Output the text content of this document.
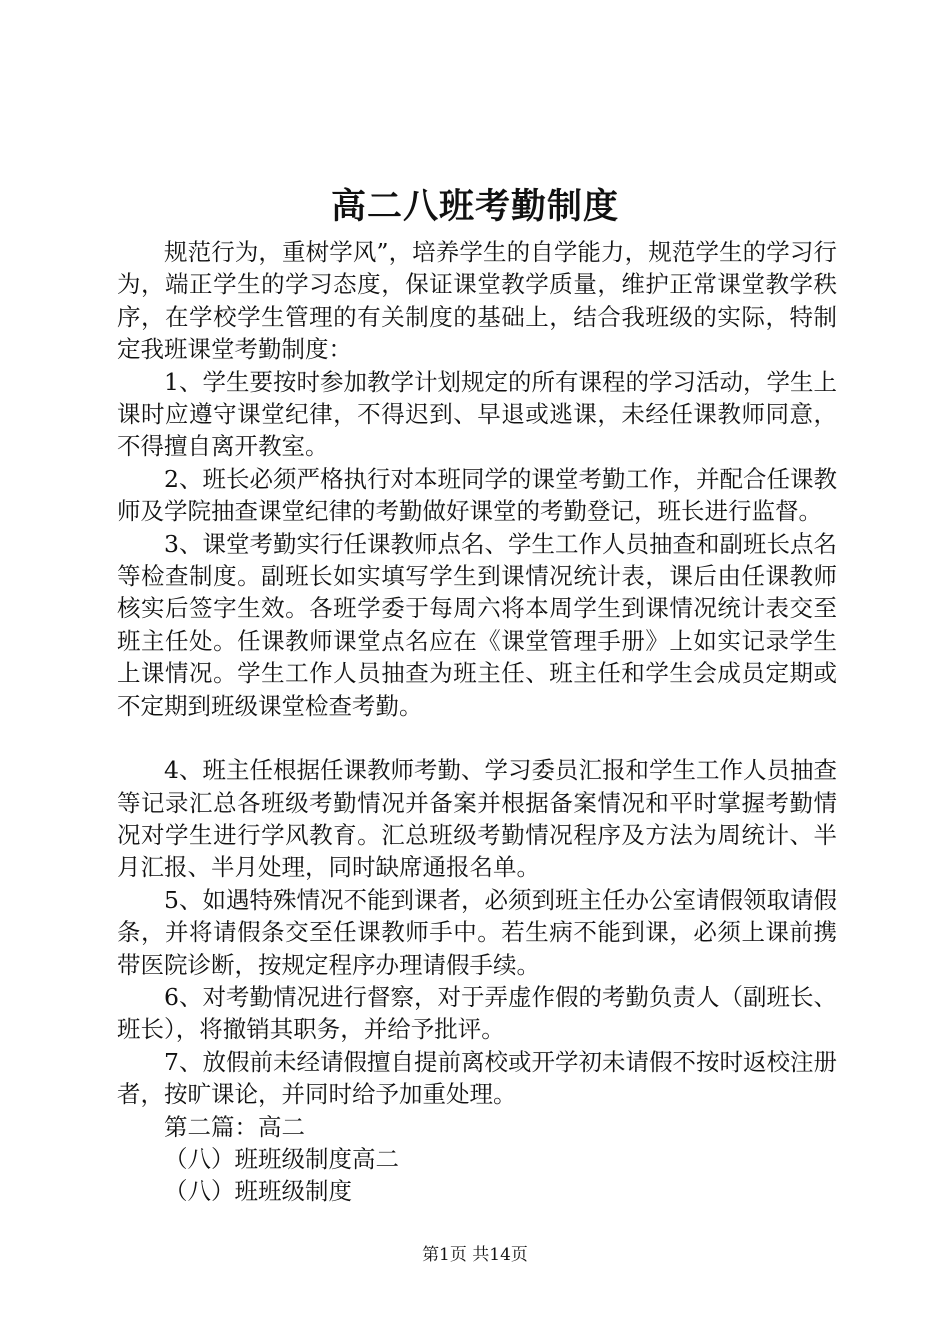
高二八班考勤制度

规范行为，重树学风”，培养学生的自学能力，规范学生的学习行为，端正学生的学习态度，保证课堂教学质量，维护正常课堂教学秩序，在学校学生管理的有关制度的基础上，结合我班级的实际，特制定我班课堂考勤制度：

1、学生要按时参加教学计划规定的所有课程的学习活动，学生上课时应遵守课堂纪律，不得迟到、早退或逃课，未经任课教师同意，不得擅自离开教室。

2、班长必须严格执行对本班同学的课堂考勤工作，并配合任课教师及学院抽查课堂纪律的考勤做好课堂的考勤登记，班长进行监督。

3、课堂考勤实行任课教师点名、学生工作人员抽查和副班长点名等检查制度。副班长如实填写学生到课情况统计表，课后由任课教师核实后签字生效。各班学委于每周六将本周学生到课情况统计表交至班主任处。任课教师课堂点名应在《课堂管理手册》上如实记录学生上课情况。学生工作人员抽查为班主任、班主任和学生会成员定期或不定期到班级课堂检查考勤。

4、班主任根据任课教师考勤、学习委员汇报和学生工作人员抽查等记录汇总各班级考勤情况并备案并根据备案情况和平时掌握考勤情况对学生进行学风教育。汇总班级考勤情况程序及方法为周统计、半月汇报、半月处理，同时缺席通报名单。

5、如遇特殊情况不能到课者，必须到班主任办公室请假领取请假条，并将请假条交至任课教师手中。若生病不能到课，必须上课前携带医院诊断，按规定程序办理请假手续。

6、对考勤情况进行督察，对于弄虚作假的考勤负责人（副班长、班长），将撤销其职务，并给予批评。

7、放假前未经请假擅自提前离校或开学初未请假不按时返校注册者，按旷课论，并同时给予加重处理。

第二篇：高二

（八）班班级制度高二

（八）班班级制度

第1页 共14页
